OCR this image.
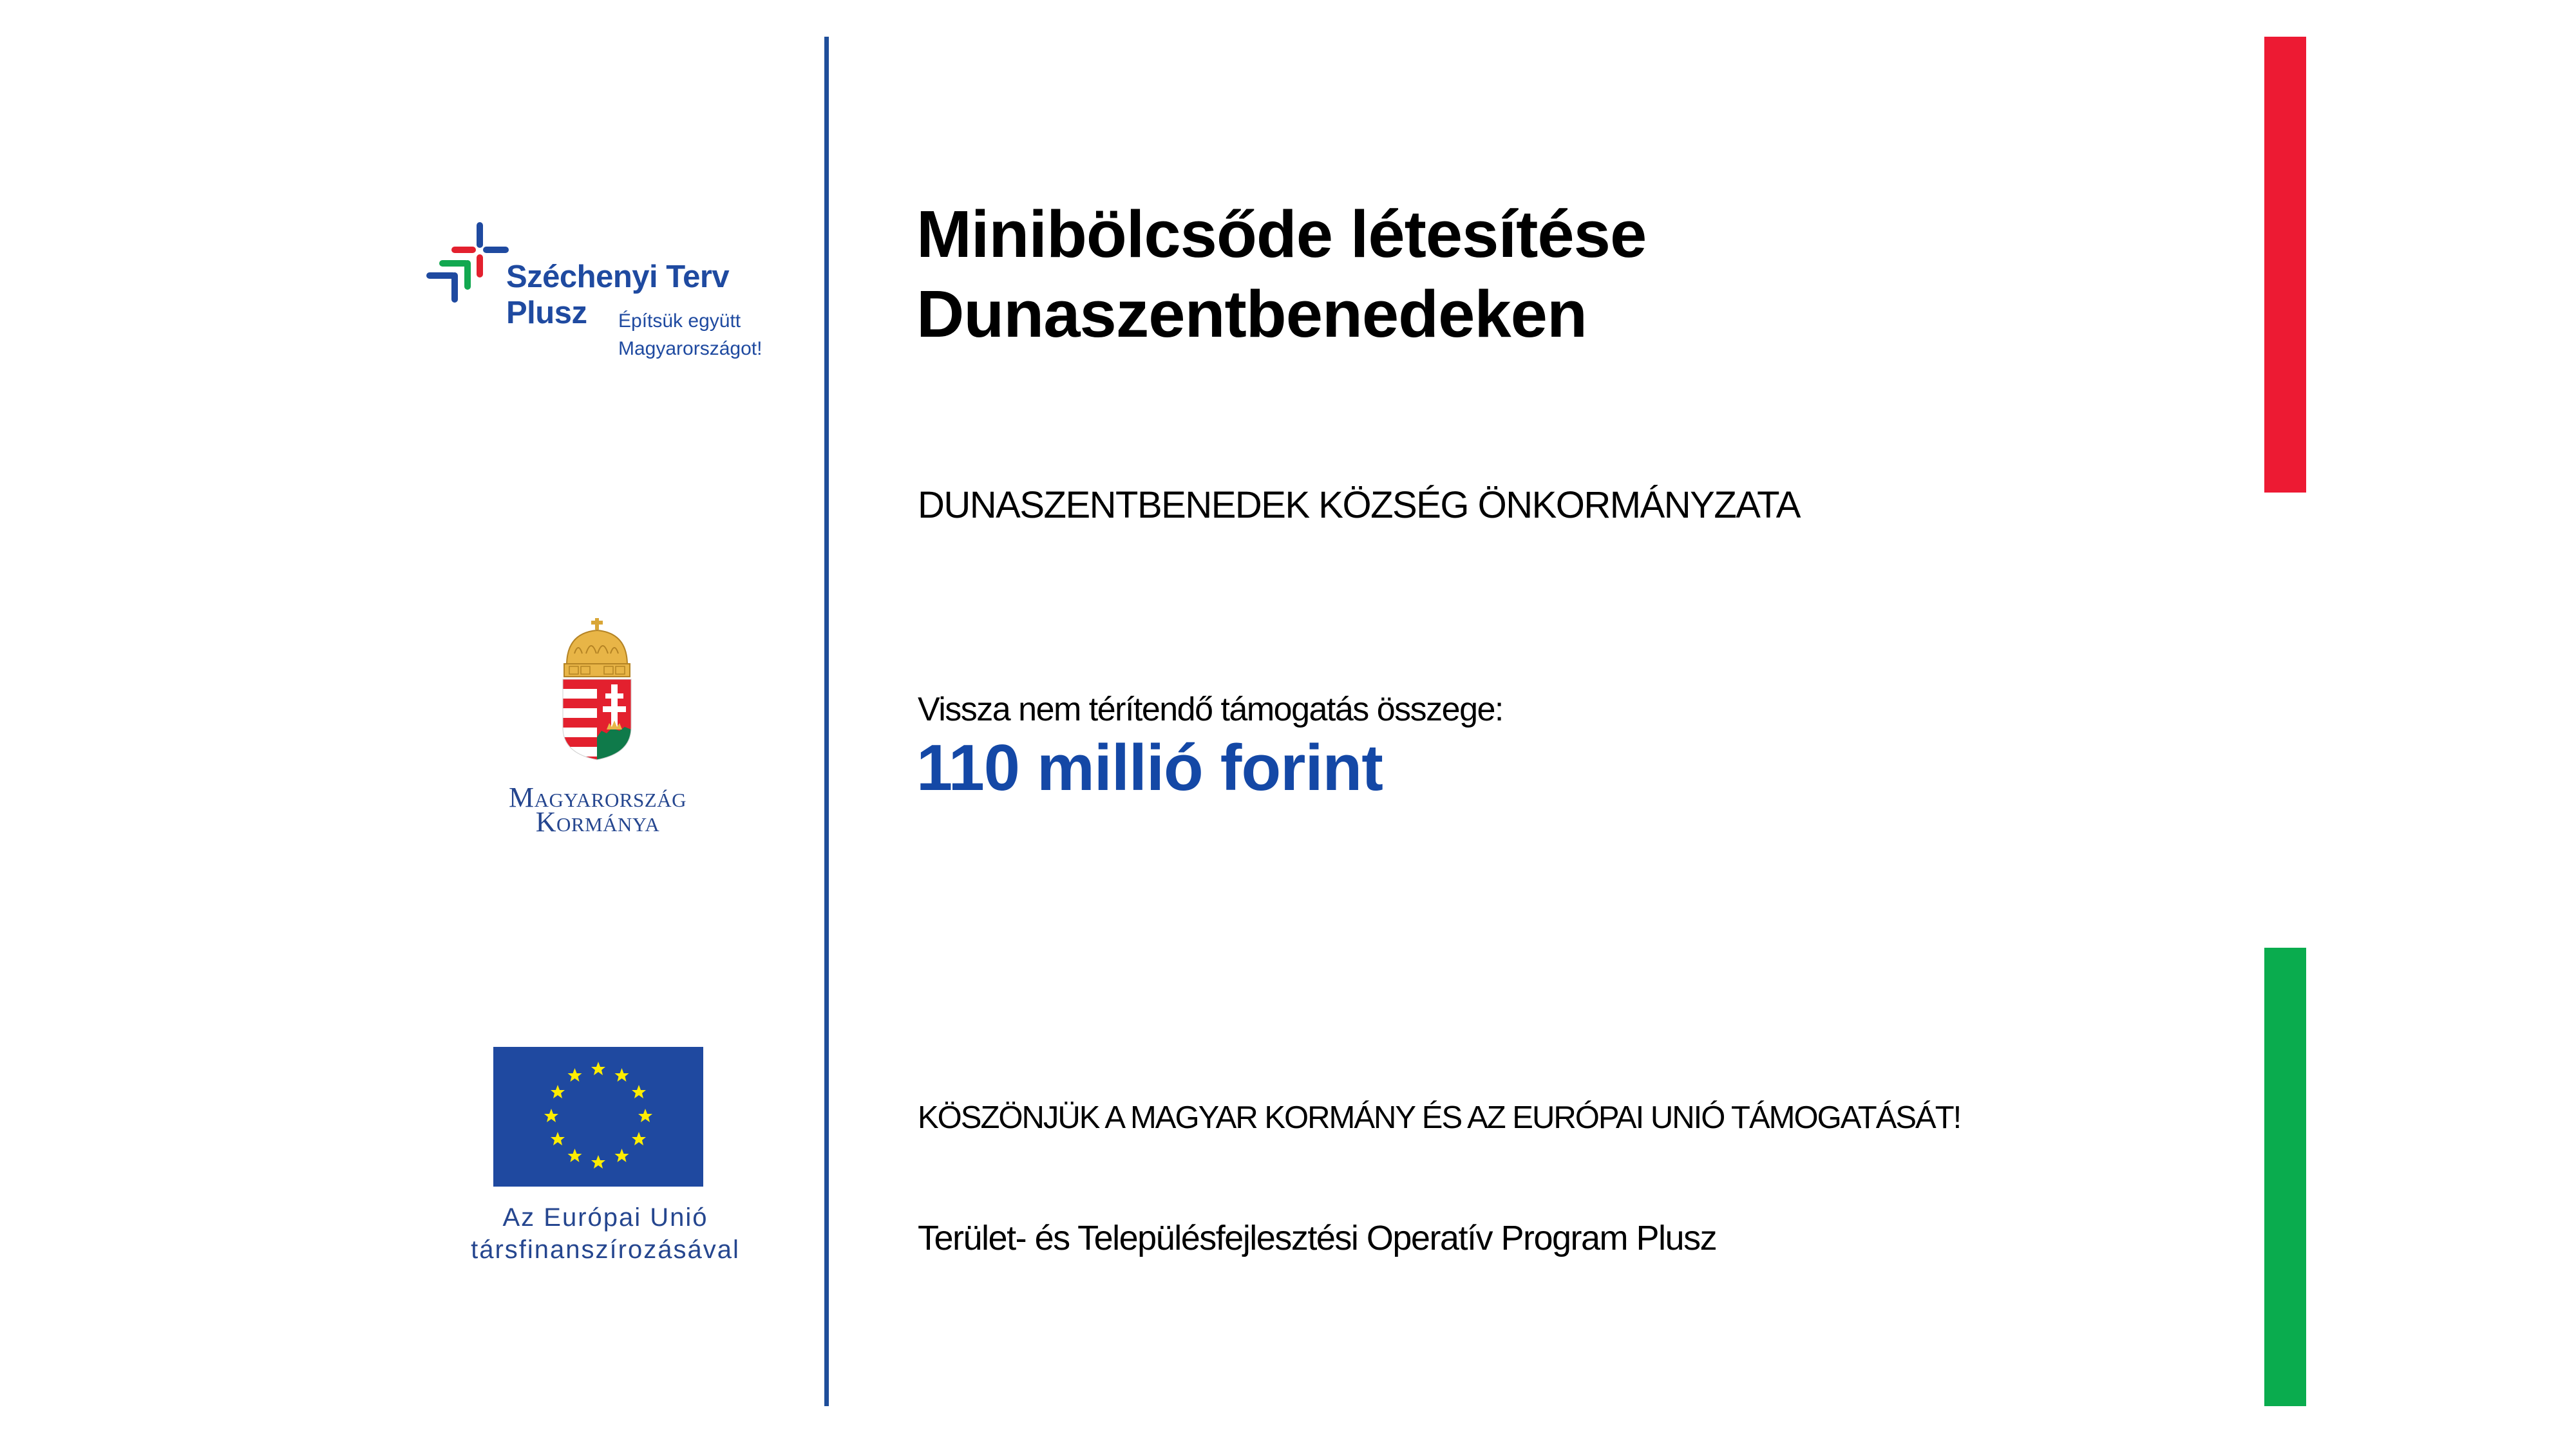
Széchenyi Terv
Plusz Építsük együtt
Magyarországot!
Magyarország
Kormánya
Az Európai Unió
társfinanszírozásával
Minibölcsőde létesítése
Dunaszentbenedeken
DUNASZENTBENEDEK KÖZSÉG ÖNKORMÁNYZATA
Vissza nem térítendő támogatás összege:
110 millió forint
KÖSZÖNJÜK A MAGYAR KORMÁNY ÉS AZ EURÓPAI UNIÓ TÁMOGATÁSÁT!
Terület- és Településfejlesztési Operatív Program Plusz
